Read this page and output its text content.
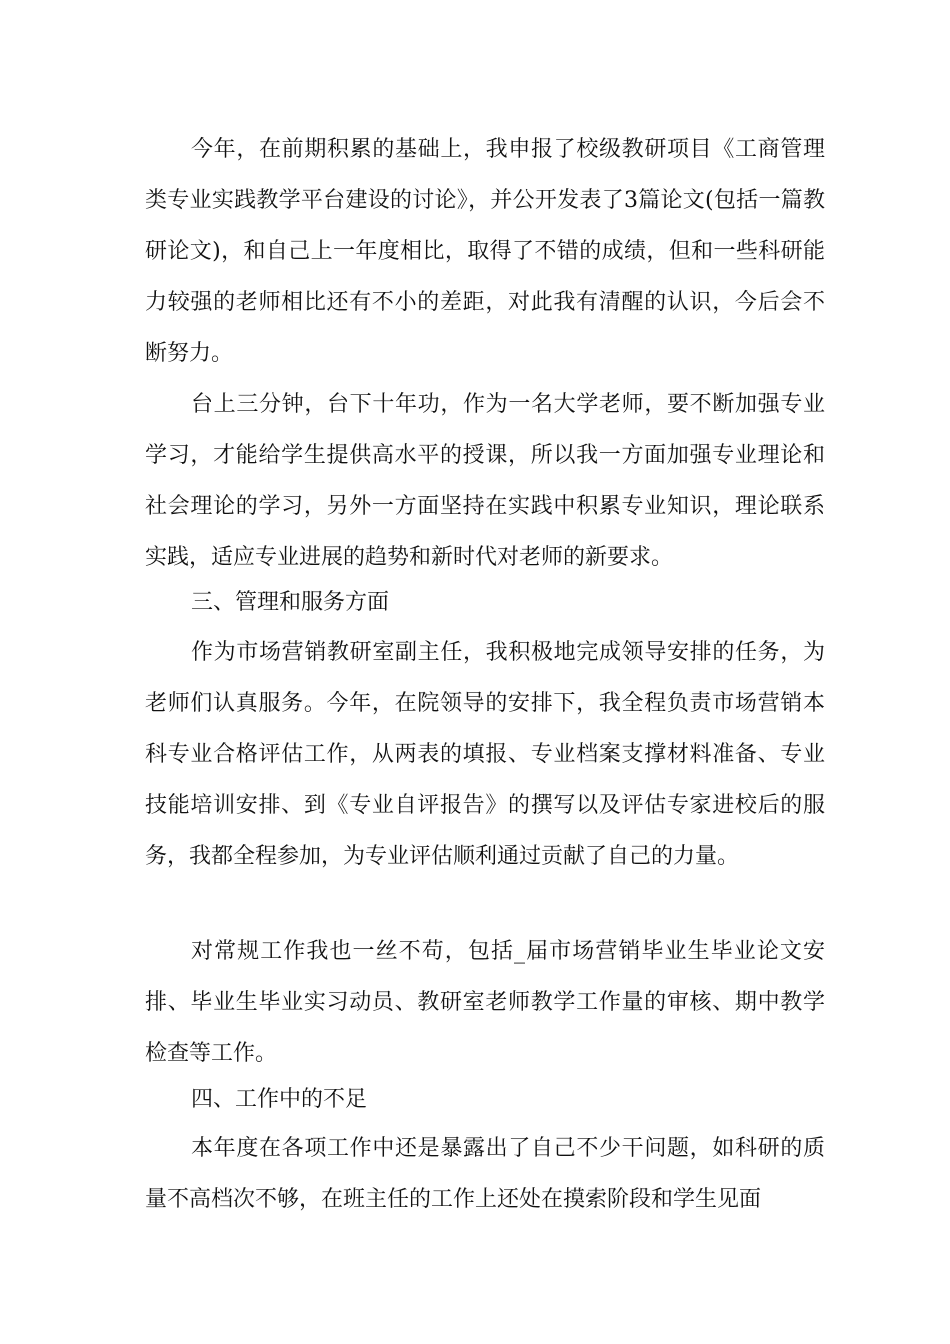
今年，在前期积累的基础上，我申报了校级教研项目《工商管理类专业实践教学平台建设的讨论》，并公开发表了3篇论文(包括一篇教研论文)，和自己上一年度相比，取得了不错的成绩，但和一些科研能力较强的老师相比还有不小的差距，对此我有清醒的认识，今后会不断努力。

台上三分钟，台下十年功，作为一名大学老师，要不断加强专业学习，才能给学生提供高水平的授课，所以我一方面加强专业理论和社会理论的学习，另外一方面坚持在实践中积累专业知识，理论联系实践，适应专业进展的趋势和新时代对老师的新要求。

三、管理和服务方面

作为市场营销教研室副主任，我积极地完成领导安排的任务，为老师们认真服务。今年，在院领导的安排下，我全程负责市场营销本科专业合格评估工作，从两表的填报、专业档案支撑材料准备、专业技能培训安排、到《专业自评报告》的撰写以及评估专家进校后的服务，我都全程参加，为专业评估顺利通过贡献了自己的力量。

对常规工作我也一丝不苟，包括_届市场营销毕业生毕业论文安排、毕业生毕业实习动员、教研室老师教学工作量的审核、期中教学检查等工作。

四、工作中的不足

本年度在各项工作中还是暴露出了自己不少干问题，如科研的质量不高档次不够，在班主任的工作上还处在摸索阶段和学生见面
